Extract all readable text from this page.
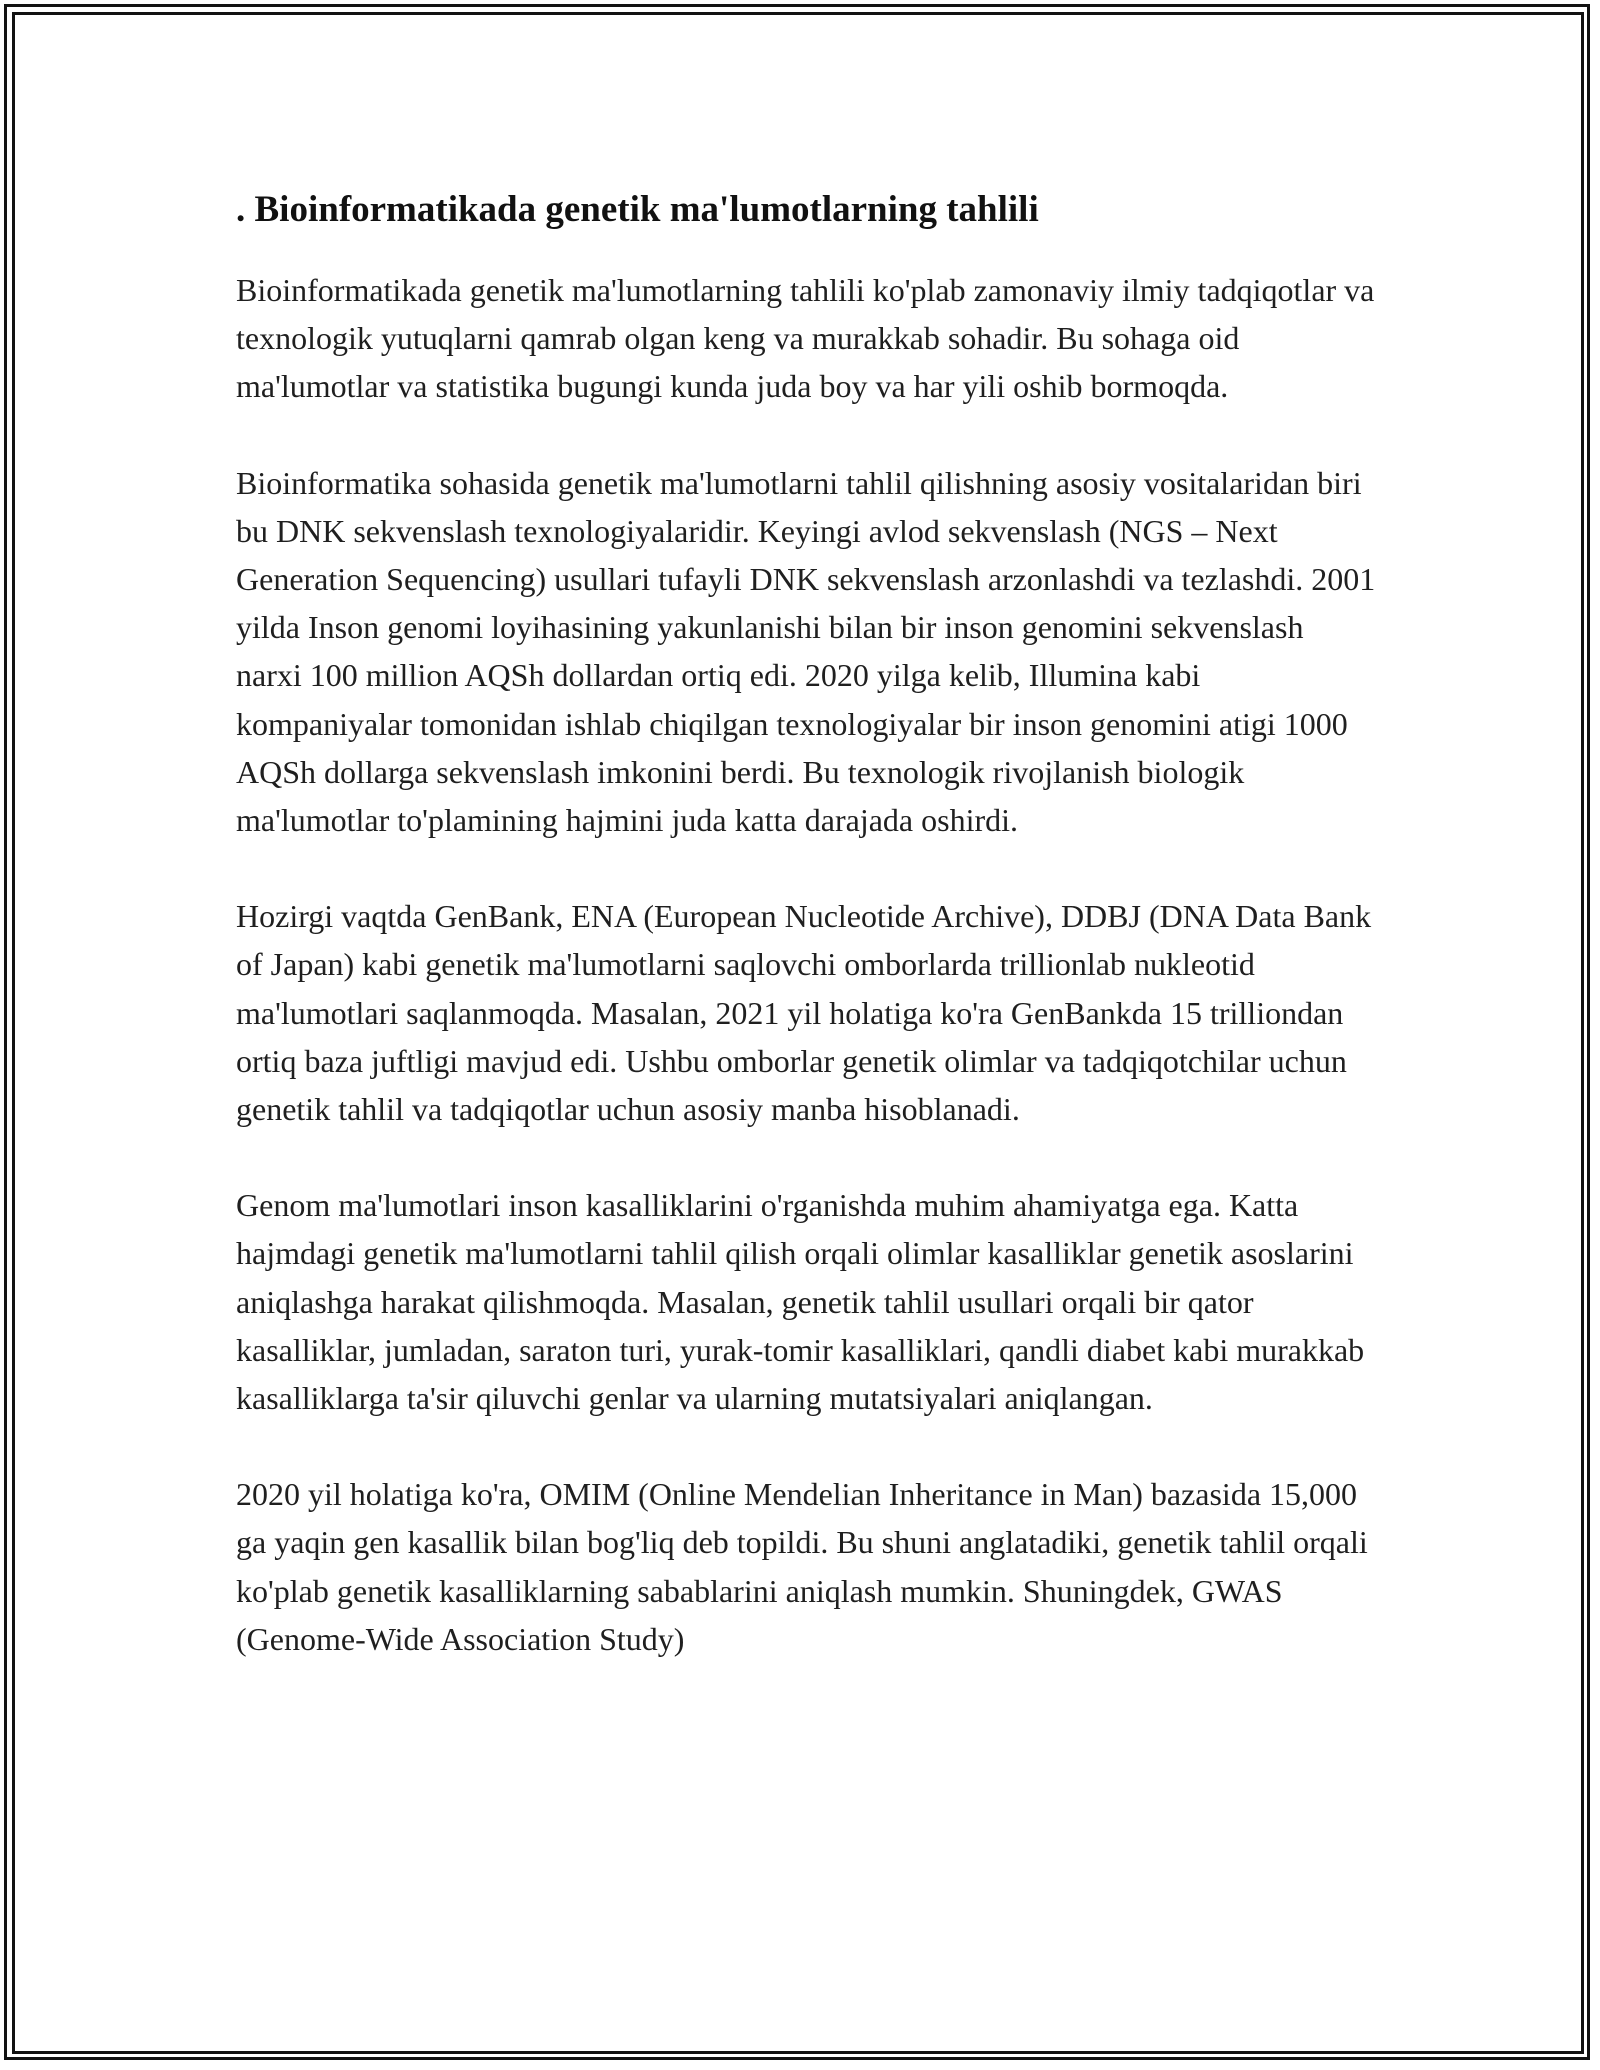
. Bioinformatikada genetik ma'lumotlarning tahlili

Bioinformatikada genetik ma'lumotlarning tahlili ko'plab zamonaviy ilmiy tadqiqotlar va texnologik yutuqlarni qamrab olgan keng va murakkab sohadir. Bu sohaga oid ma'lumotlar va statistika bugungi kunda juda boy va har yili oshib bormoqda.

Bioinformatika sohasida genetik ma'lumotlarni tahlil qilishning asosiy vositalaridan biri bu DNK sekvenslash texnologiyalaridir. Keyingi avlod sekvenslash (NGS – Next Generation Sequencing) usullari tufayli DNK sekvenslash arzonlashdi va tezlashdi. 2001 yilda Inson genomi loyihasining yakunlanishi bilan bir inson genomini sekvenslash narxi 100 million AQSh dollardan ortiq edi. 2020 yilga kelib, Illumina kabi kompaniyalar tomonidan ishlab chiqilgan texnologiyalar bir inson genomini atigi 1000 AQSh dollarga sekvenslash imkonini berdi. Bu texnologik rivojlanish biologik ma'lumotlar to'plamining hajmini juda katta darajada oshirdi.

Hozirgi vaqtda GenBank, ENA (European Nucleotide Archive), DDBJ (DNA Data Bank of Japan) kabi genetik ma'lumotlarni saqlovchi omborlarda trillionlab nukleotid ma'lumotlari saqlanmoqda. Masalan, 2021 yil holatiga ko'ra GenBankda 15 trilliondan ortiq baza juftligi mavjud edi. Ushbu omborlar genetik olimlar va tadqiqotchilar uchun genetik tahlil va tadqiqotlar uchun asosiy manba hisoblanadi.

Genom ma'lumotlari inson kasalliklarini o'rganishda muhim ahamiyatga ega. Katta hajmdagi genetik ma'lumotlarni tahlil qilish orqali olimlar kasalliklar genetik asoslarini aniqlashga harakat qilishmoqda. Masalan, genetik tahlil usullari orqali bir qator kasalliklar, jumladan, saraton turi, yurak-tomir kasalliklari, qandli diabet kabi murakkab kasalliklarga ta'sir qiluvchi genlar va ularning mutatsiyalari aniqlangan.

2020 yil holatiga ko'ra, OMIM (Online Mendelian Inheritance in Man) bazasida 15,000 ga yaqin gen kasallik bilan bog'liq deb topildi. Bu shuni anglatadiki, genetik tahlil orqali ko'plab genetik kasalliklarning sabablarini aniqlash mumkin. Shuningdek, GWAS (Genome-Wide Association Study)
